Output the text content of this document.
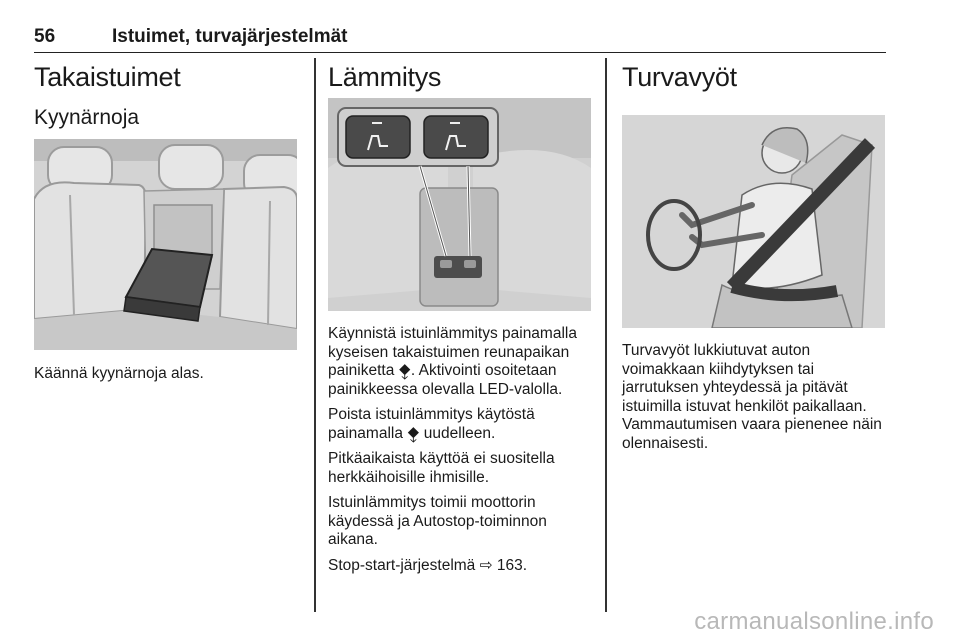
56	Istuimet, turvajärjestelmät
Takaistuimet
Kyynärnoja

Käännä kyynärnoja alas.

Lämmitys

Käynnistä istuinlämmitys painamalla kyseisen takaistuimen reunapaikan painiketta ⧪. Aktivointi osoitetaan painikkeessa olevalla LED-valolla.

Poista istuinlämmitys käytöstä painamalla ⧪ uudelleen.

Pitkäaikaista käyttöä ei suositella herkkäihoisille ihmisille.

Istuinlämmitys toimii moottorin käydessä ja Autostop-toiminnon aikana.

Stop-start-järjestelmä ⇨ 163.

Turvavyöt

Turvavyöt lukkiutuvat auton voimakkaan kiihdytyksen tai jarrutuksen yhteydessä ja pitävät istuimilla istuvat henkilöt paikallaan. Vammautumisen vaara pienenee näin olennaisesti.

carmanualsonline.info
